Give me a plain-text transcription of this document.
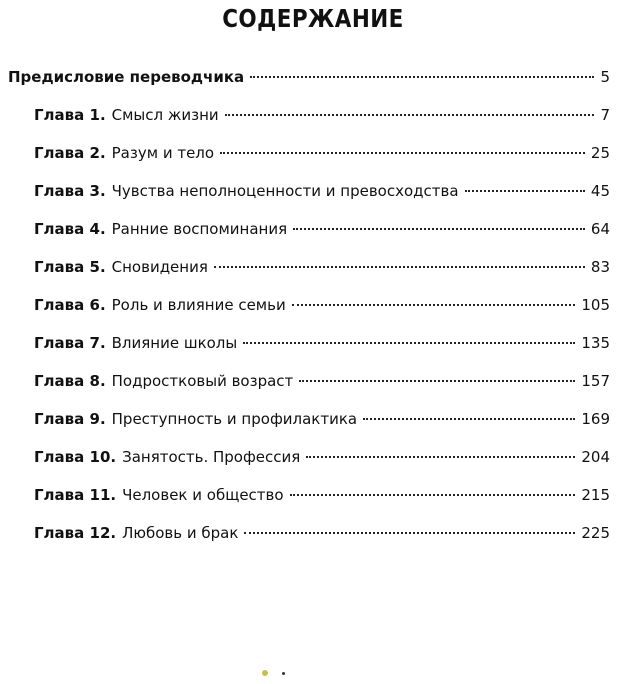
СОДЕРЖАНИЕ
Предисловие переводчика	5
Глава 1. Смысл жизни	7
Глава 2. Разум и тело	25
Глава 3. Чувства неполноценности и превосходства	45
Глава 4. Ранние воспоминания	64
Глава 5. Сновидения	83
Глава 6. Роль и влияние семьи	105
Глава 7. Влияние школы	135
Глава 8. Подростковый возраст	157
Глава 9. Преступность и профилактика	169
Глава 10. Занятость. Профессия	204
Глава 11. Человек и общество	215
Глава 12. Любовь и брак	225
